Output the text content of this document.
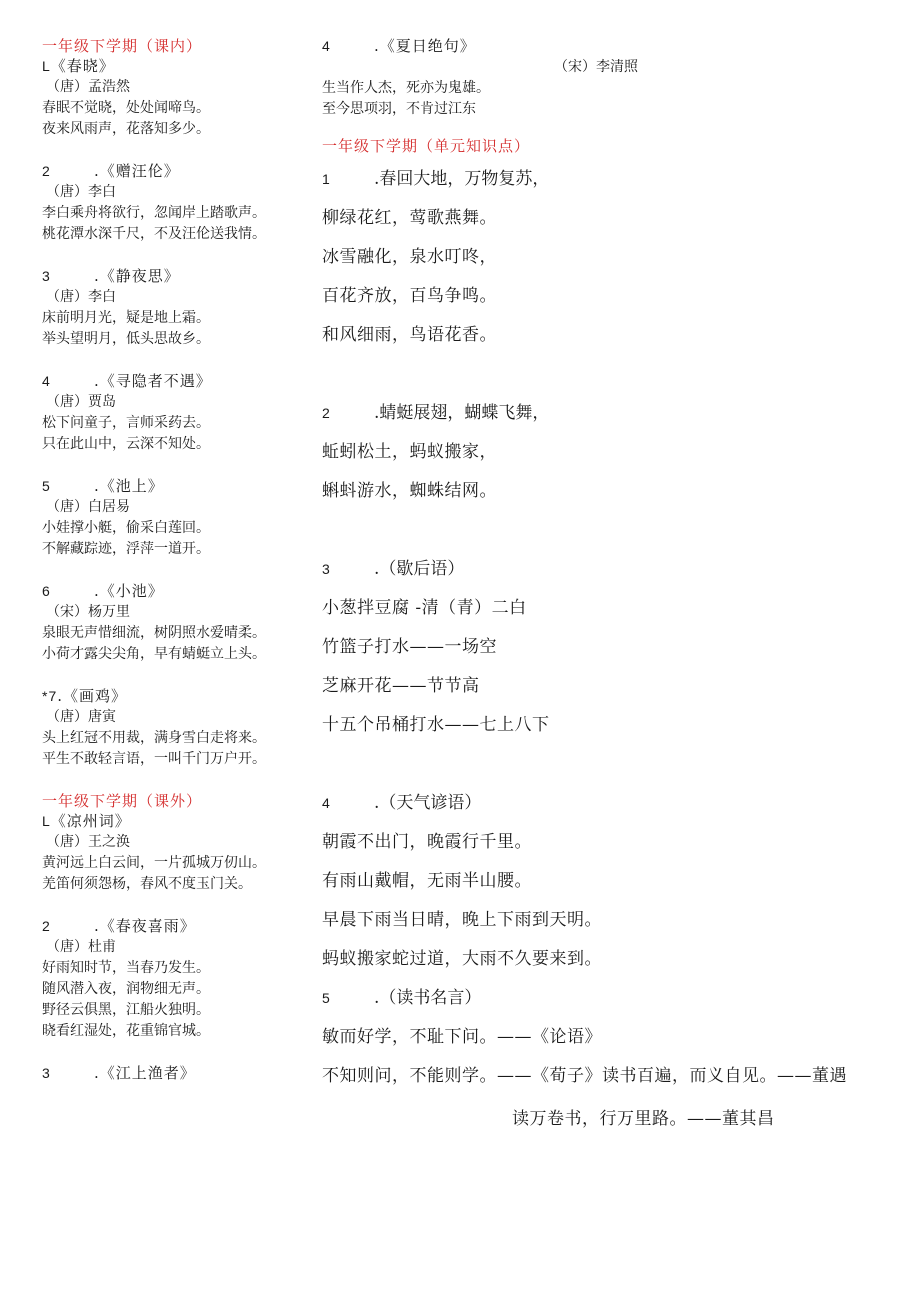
一年级下学期（课内）

L《春晓》
（唐）孟浩然
春眠不觉晓，处处闻啼鸟。
夜来风雨声，花落知多少。
2	.《赠汪伦》
（唐）李白
李白乘舟将欲行，忽闻岸上踏歌声。
桃花潭水深千尺，不及汪伦送我情。
3	.《静夜思》
（唐）李白
床前明月光，疑是地上霜。
举头望明月，低头思故乡。
4	.《寻隐者不遇》
（唐）贾岛
松下问童子，言师采药去。
只在此山中，云深不知处。
5	.《池上》
（唐）白居易
小娃撑小艇，偷采白莲回。
不解藏踪迹，浮萍一道开。
6	.《小池》
（宋）杨万里
泉眼无声惜细流，树阴照水爱晴柔。
小荷才露尖尖角，早有蜻蜓立上头。
*7.《画鸡》
（唐）唐寅
头上红冠不用裁，满身雪白走将来。
平生不敢轻言语，一叫千门万户开。

一年级下学期（课外）

L《凉州词》
（唐）王之涣
黄河远上白云间，一片孤城万仞山。
羌笛何须怨杨，春风不度玉门关。
2	.《春夜喜雨》
（唐）杜甫
好雨知时节，当春乃发生。
随风潜入夜，润物细无声。
野径云俱黑，江船火独明。
晓看红湿处，花重锦官城。
3	.《江上渔者》
4	.《夏日绝句》
（宋）李清照
生当作人杰，死亦为鬼雄。
至今思项羽，不肯过江东

一年级下学期（单元知识点）

1	.春回大地，万物复苏，
柳绿花红，莺歌燕舞。
冰雪融化，泉水叮咚，
百花齐放，百鸟争鸣。
和风细雨，鸟语花香。
2	.蜻蜓展翅，蝴蝶飞舞，
蚯蚓松土，蚂蚁搬家，
蝌蚪游水，蜘蛛结网。
3	.（歇后语）
小葱拌豆腐 -清（青）二白
竹篮子打水——一场空
芝麻开花——节节高
十五个吊桶打水——七上八下
4	.（天气谚语）
朝霞不出门，晚霞行千里。
有雨山戴帽，无雨半山腰。
早晨下雨当日晴，晚上下雨到天明。
蚂蚁搬家蛇过道，大雨不久要来到。
5	.（读书名言）
敏而好学，不耻下问。——《论语》
不知则问，不能则学。——《荀子》读书百遍，而义自见。——董遇
读万卷书，行万里路。——董其昌
